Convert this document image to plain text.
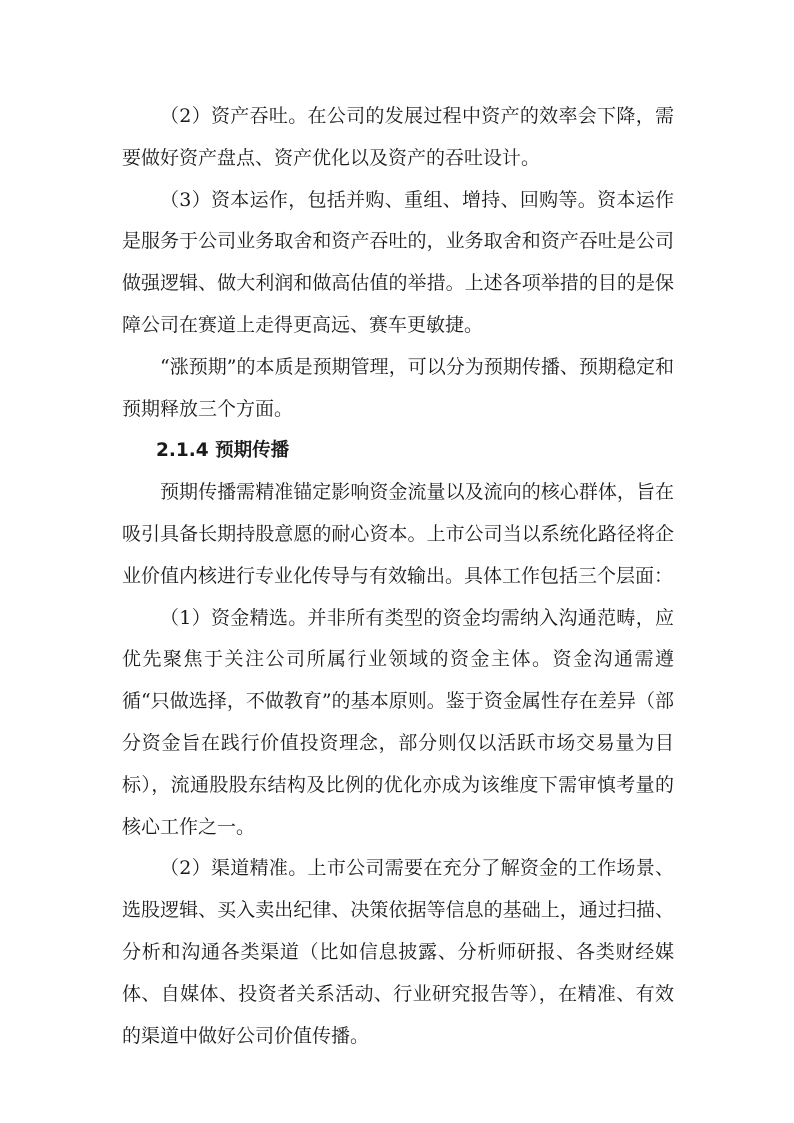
（2）资产吞吐。在公司的发展过程中资产的效率会下降，需要做好资产盘点、资产优化以及资产的吞吐设计。

（3）资本运作，包括并购、重组、增持、回购等。资本运作是服务于公司业务取舍和资产吞吐的，业务取舍和资产吞吐是公司做强逻辑、做大利润和做高估值的举措。上述各项举措的目的是保障公司在赛道上走得更高远、赛车更敏捷。

“涨预期”的本质是预期管理，可以分为预期传播、预期稳定和预期释放三个方面。

2.1.4 预期传播

预期传播需精准锚定影响资金流量以及流向的核心群体，旨在吸引具备长期持股意愿的耐心资本。上市公司当以系统化路径将企业价值内核进行专业化传导与有效输出。具体工作包括三个层面：

（1）资金精选。并非所有类型的资金均需纳入沟通范畴，应优先聚焦于关注公司所属行业领域的资金主体。资金沟通需遵循“只做选择，不做教育”的基本原则。鉴于资金属性存在差异（部分资金旨在践行价值投资理念，部分则仅以活跃市场交易量为目标），流通股股东结构及比例的优化亦成为该维度下需审慎考量的核心工作之一。

（2）渠道精准。上市公司需要在充分了解资金的工作场景、选股逻辑、买入卖出纪律、决策依据等信息的基础上，通过扫描、分析和沟通各类渠道（比如信息披露、分析师研报、各类财经媒体、自媒体、投资者关系活动、行业研究报告等），在精准、有效的渠道中做好公司价值传播。
